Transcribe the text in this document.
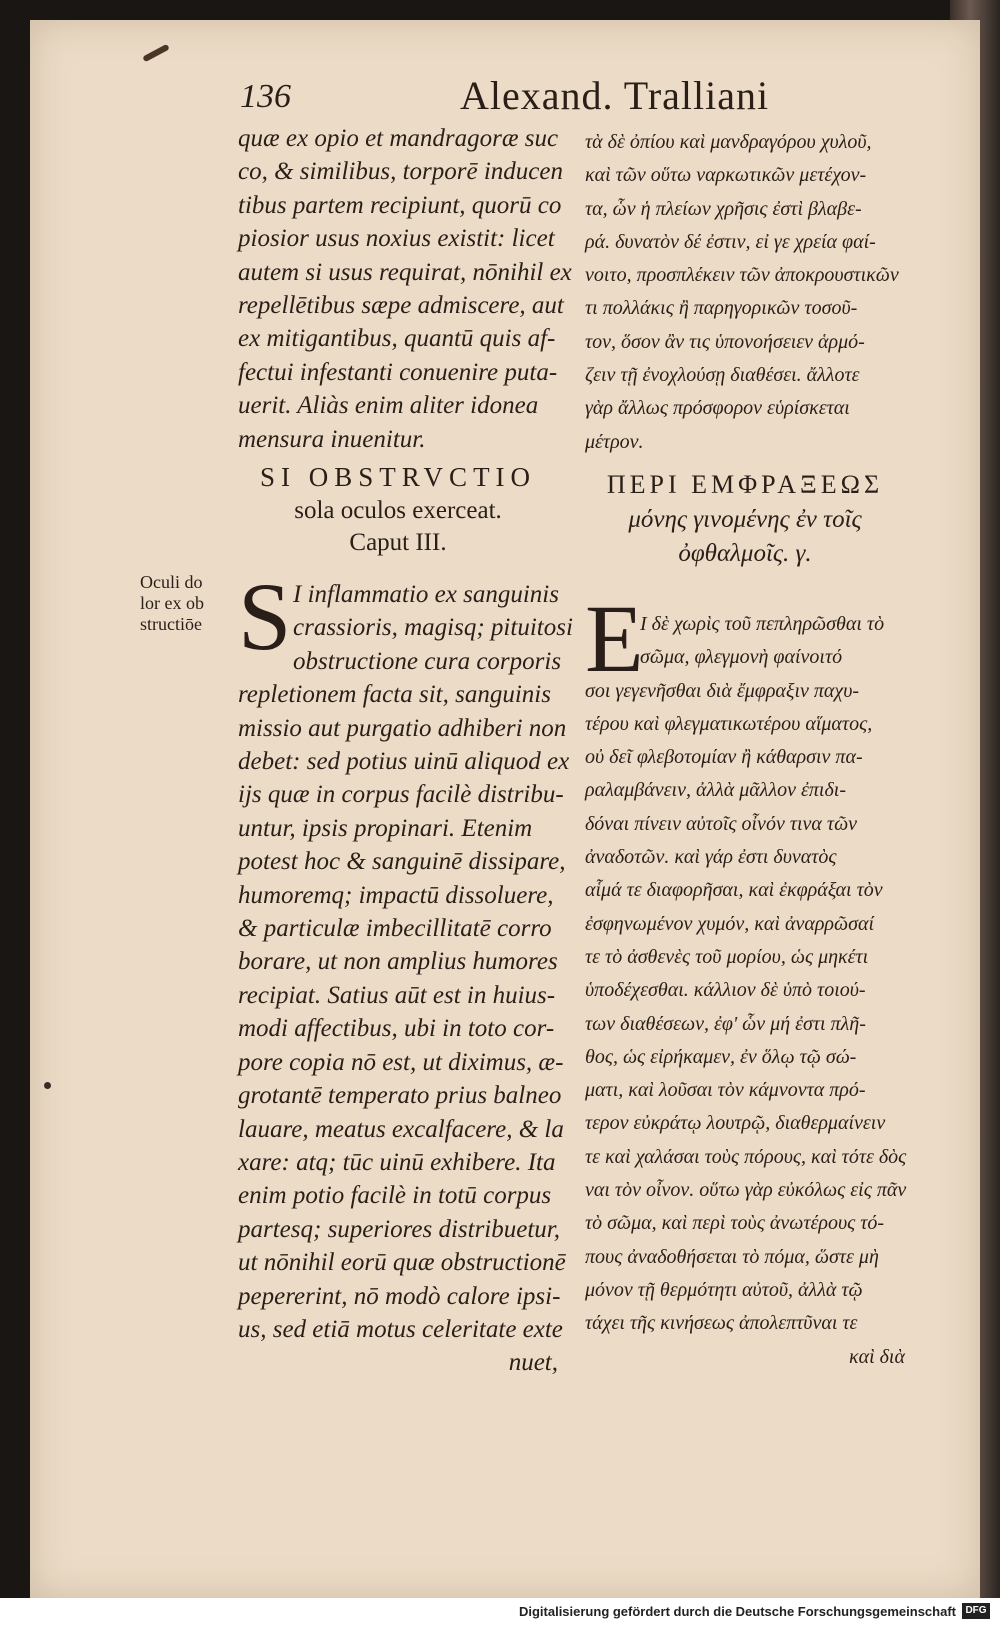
136	Alexand. Tralliani
quæ ex opio et mandragoræ suc
co, & similibus, torporē inducen
tibus partem recipiunt, quorū co
piosior usus noxius existit: licet
autem si usus requirat, nōnihil ex
repellētibus sæpe admiscere, aut
ex mitigantibus, quantū quis af-
fectui infestanti conuenire puta-
uerit. Aliàs enim aliter idonea
mensura inuenitur.
τὰ δὲ ὀπίου καὶ μανδραγόρου χυλοῦ,
καὶ τῶν οὕτω ναρκωτικῶν μετέχον-
τα, ὧν ἡ πλείων χρῆσις ἐστὶ βλαβε-
ρά. δυνατὸν δέ ἐστιν, εἰ γε χρεία φαί-
νοιτο, προσπλέκειν τῶν ἀποκρουστικῶν
τι πολλάκις ἢ παρηγορικῶν τοσοῦ-
τον, ὅσον ἂν τις ὑπονοήσειεν ἁρμό-
ζειν τῇ ἐνοχλούσῃ διαθέσει. ἄλλοτε
γὰρ ἄλλως πρόσφορον εὑρίσκεται
μέτρον.
SI OBSTRVCTIO
sola oculos exerceat.
Caput III.
ΠΕΡΙ ΕΜΦΡΑΞΕΩΣ
μόνης γινομένης ἐν τοῖς
ὀφθαλμοῖς. γ.
Oculi do
lor ex ob
structiōe S I inflammatio ex sanguinis
crassioris, magisq; pituitosi
obstructione cura corporis
repletionem facta sit, sanguinis
missio aut purgatio adhiberi non
debet: sed potius uinū aliquod ex
ijs quæ in corpus facilè distribu-
untur, ipsis propinari. Etenim
potest hoc & sanguinē dissipare,
humoremq; impactū dissoluere,
& particulæ imbecillitatē corro
borare, ut non amplius humores
recipiat. Satius aūt est in huius-
modi affectibus, ubi in toto cor-
pore copia nō est, ut diximus, æ-
grotantē temperato prius balneo
lauare, meatus excalfacere, & la
xare: atq; tūc uinū exhibere. Ita
enim potio facilè in totū corpus
partesq; superiores distribuetur,
ut nōnihil eorū quæ obstructionē
pepererint, nō modò calore ipsi-
us, sed etiā motus celeritate exte
nuet,
E
Ι δὲ χωρὶς τοῦ πεπληρῶσθαι τὸ
σῶμα, φλεγμονὴ φαίνοιτό
σοι γεγενῆσθαι διὰ ἔμφραξιν παχυ-
τέρου καὶ φλεγματικωτέρου αἵματος,
οὐ δεῖ φλεβοτομίαν ἢ κάθαρσιν πα-
ραλαμβάνειν, ἀλλὰ μᾶλλον ἐπιδι-
δόναι πίνειν αὐτοῖς οἶνόν τινα τῶν
ἀναδοτῶν. καὶ γάρ ἐστι δυνατὸς
αἷμά τε διαφορῆσαι, καὶ ἐκφράξαι τὸν
ἐσφηνωμένον χυμόν, καὶ ἀναρρῶσαί
τε τὸ ἀσθενὲς τοῦ μορίου, ὡς μηκέτι
ὑποδέχεσθαι. κάλλιον δὲ ὑπὸ τοιού-
των διαθέσεων, ἐφ' ὧν μή ἐστι πλῆ-
θος, ὡς εἰρήκαμεν, ἐν ὅλῳ τῷ σώ-
ματι, καὶ λοῦσαι τὸν κάμνοντα πρό-
τερον εὐκράτῳ λουτρῷ, διαθερμαίνειν
τε καὶ χαλάσαι τοὺς πόρους, καὶ τότε δὸς
ναι τὸν οἶνον. οὕτω γὰρ εὐκόλως εἰς πᾶν
τὸ σῶμα, καὶ περὶ τοὺς ἀνωτέρους τό-
πους ἀναδοθήσεται τὸ πόμα, ὥστε μὴ
μόνον τῇ θερμότητι αὐτοῦ, ἀλλὰ τῷ
τάχει τῆς κινήσεως ἀπολεπτῦναι τε
καὶ διὰ
Digitalisierung gefördert durch die Deutsche Forschungsgemeinschaft DFG
